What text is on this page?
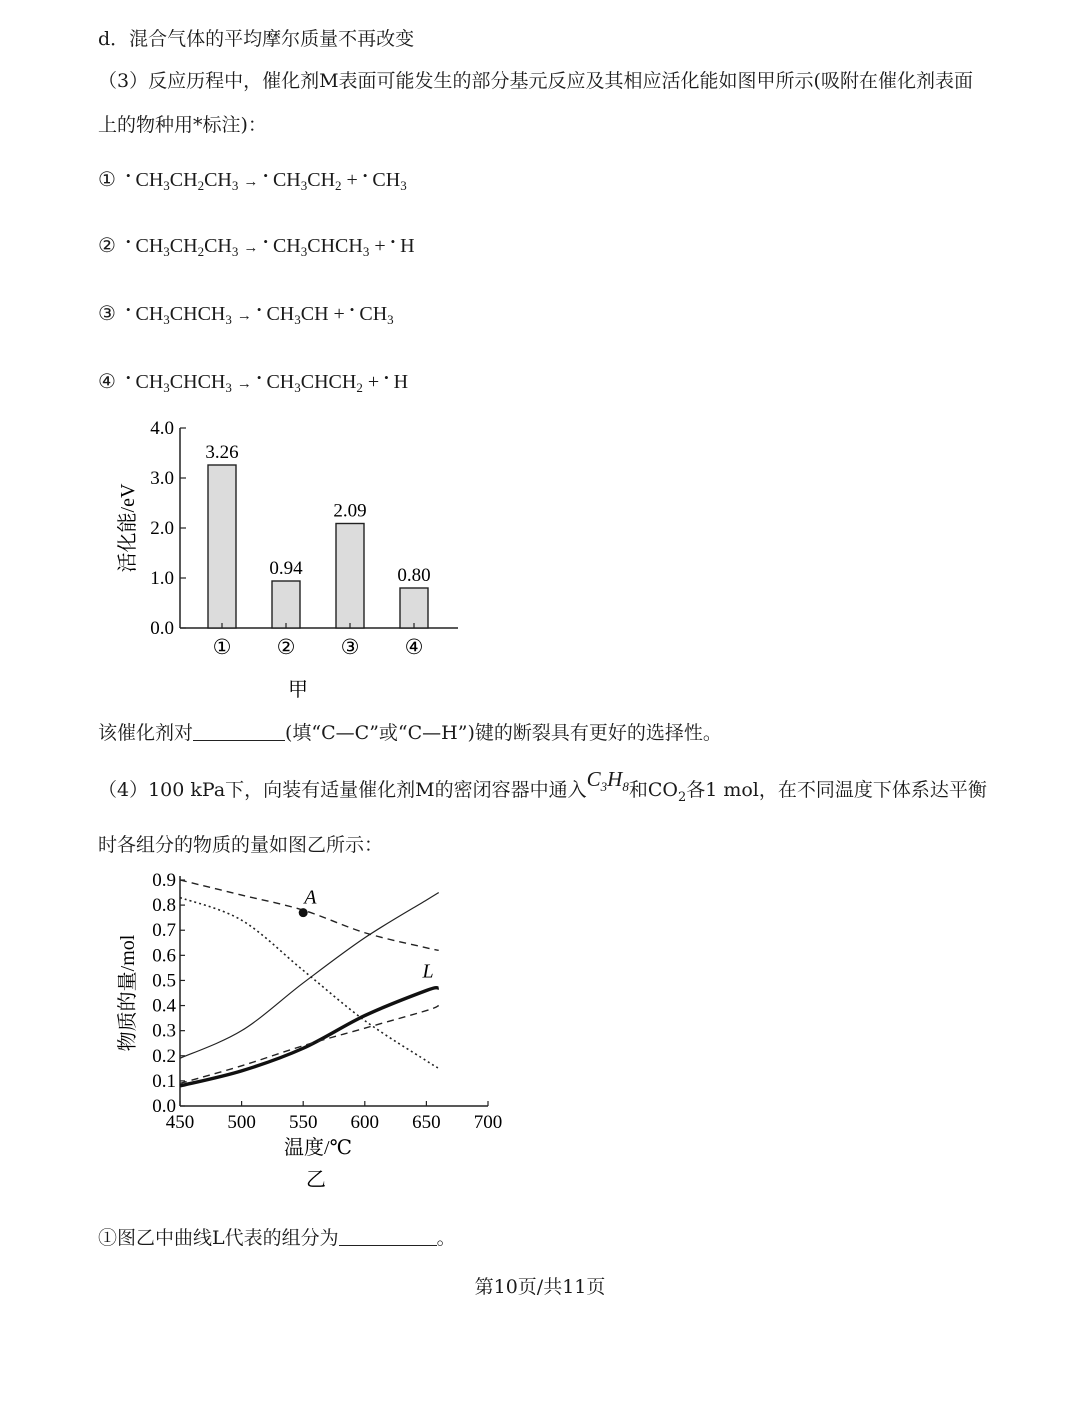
d．混合气体的平均摩尔质量不再改变
（3）反应历程中，催化剂M表面可能发生的部分基元反应及其相应活化能如图甲所示(吸附在催化剂表面
上的物种用*标注)：
① • $CH_3CH_2CH_3 \to ^•$ $CH_3CH_2 + ^•$ $CH_3$
② • $CH_3CH_2CH_3 \to ^•$ $CH_3CHCH_3 + ^•$ H
③ • $CH_3CHCH_3 \to ^•$ $CH_3CH + ^•$ $CH_3$
④ • $CH_3CHCH_3 \to ^•$ $CH_3CHCH_2 + ^•$ H
0.0
1.0
2.0
3.0
4.0
3.26
①
0.94
②
2.09
③
0.80
④
活化能/eV
甲
该催化剂对	(填“C—C”或“C—H”)键的断裂具有更好的选择性。
（4）100 kPa下，向装有适量催化剂M的密闭容器中通入$C_3H_8$和$CO_2$各1 mol，在不同温度下体系达平衡
时各组分的物质的量如图乙所示：
0.0
0.1
0.2
0.3
0.4
0.5
0.6
0.7
0.8
0.9
450 500 550 600 650 700
A
L
物质的量/mol
温度/℃
乙
①图乙中曲线L代表的组分为	。
第10页/共11页
